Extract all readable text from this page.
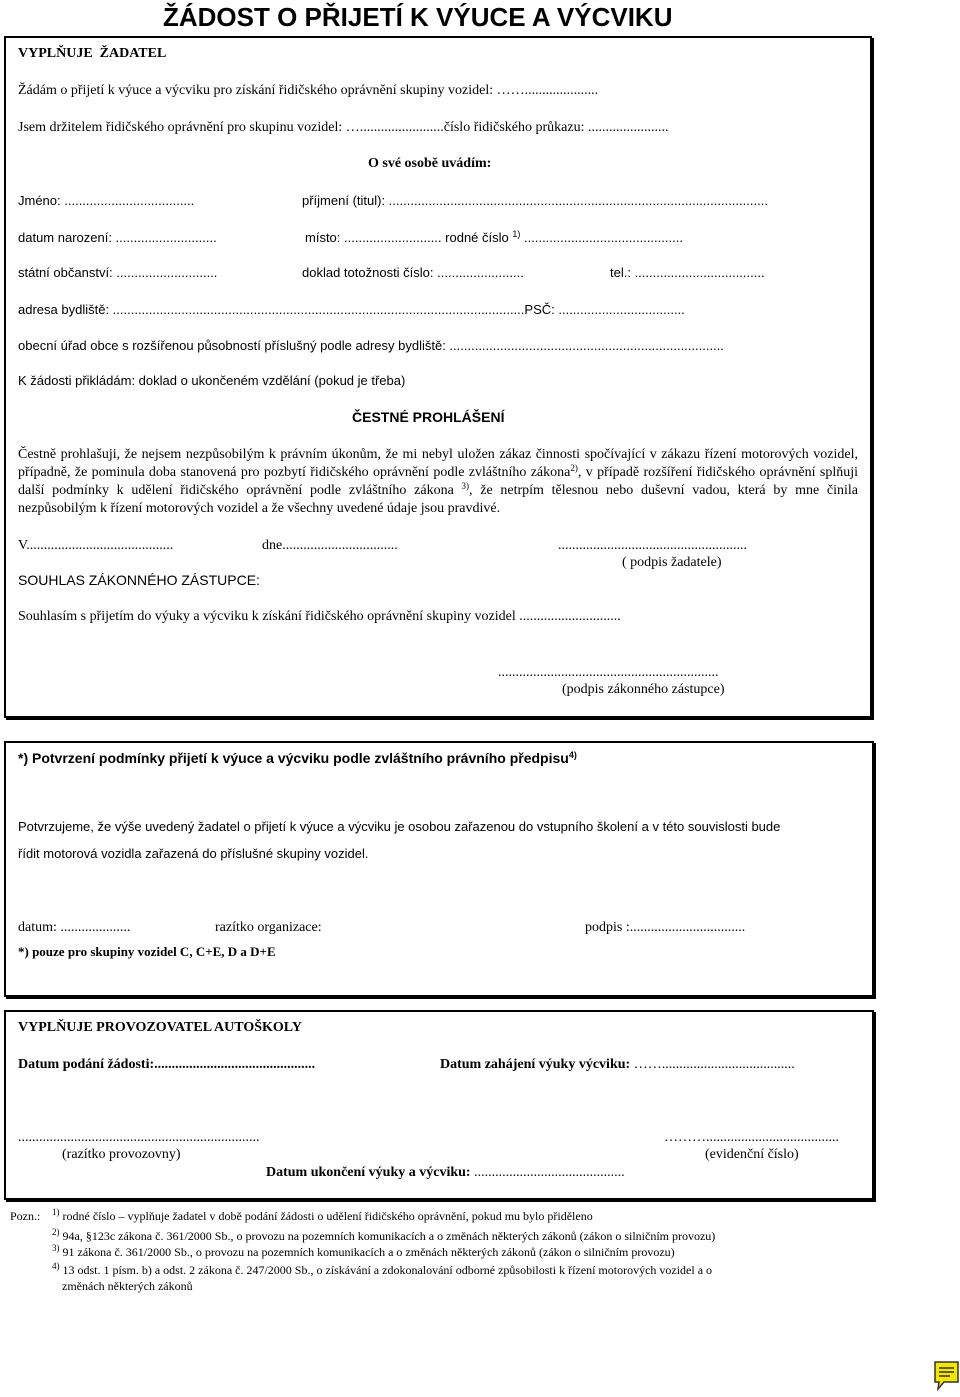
ŽÁDOST O PŘIJETÍ K VÝUCE A VÝCVIKU
VYPLŇUJE  ŽADATEL
Žádám o přijetí k výuce a výcviku pro získání řidičského oprávnění skupiny vozidel: …….....................
Jsem držitelem řidičského oprávnění pro skupinu vozidel: …........................číslo řidičského průkazu: .......................
O své osobě uvádím:
Jméno: ....................................	příjmení (titul): .........................................................................................................
datum narození: ............................	místo: ........................... rodné číslo $^{1)}$ ............................................
státní občanství: ............................	doklad totožnosti číslo: ........................	tel.: ....................................
adresa bydliště: ..................................................................................................................PSČ: ...................................
obecní úřad obce s rozšířenou působností příslušný podle adresy bydliště: ............................................................................
K žádosti přikládám: doklad o ukončeném vzdělání (pokud je třeba)
ČESTNÉ PROHLÁŠENÍ
Čestně prohlašuji, že nejsem nezpůsobilým k právním úkonům, že mi nebyl uložen zákaz činnosti spočívající v zákazu řízení motorových vozidel, případně, že pominula doba stanovená pro pozbytí řidičského oprávnění podle zvláštního zákona$^{2)}$, v případě rozšíření řidičského oprávnění splňuji další podmínky k udělení řidičského oprávnění podle zvláštního zákona $^{3)}$, že netrpím tělesnou nebo duševní vadou, která by mne činila nezpůsobilým k řízení motorových vozidel a že všechny uvedené údaje jsou pravdivé.
V..........................................	dne.................................	......................................................
( podpis žadatele)
SOUHLAS ZÁKONNÉHO ZÁSTUPCE:
Souhlasím s přijetím do výuky a výcviku k získání řidičského oprávnění skupiny vozidel .............................
...............................................................
(podpis zákonného zástupce)
*) Potvrzení podmínky přijetí k výuce a výcviku podle zvláštního právního předpisu$^{4)}$
Potvrzujeme, že výše uvedený žadatel o přijetí k výuce a výcviku je osobou zařazenou do vstupního školení a v této souvislosti bude
řídit motorová vozidla zařazená do příslušné skupiny vozidel.
datum: ....................	razítko organizace:	podpis :.................................
*) pouze pro skupiny vozidel C, C+E, D a D+E
VYPLŇUJE PROVOZOVATEL AUTOŠKOLY
Datum podání žádosti:..............................................	Datum zahájení výuky výcviku: ……......................................
.....................................................................	………......................................
(razítko provozovny)	(evidenční číslo)
Datum ukončení výuky a výcviku: ...........................................
Pozn.: $^{1)}$ rodné číslo – vyplňuje žadatel v době podání žádosti o udělení řidičského oprávnění, pokud mu bylo přiděleno
$^{2)}$ 94a, §123c zákona č. 361/2000 Sb., o provozu na pozemních komunikacích a o změnách některých zákonů (zákon o silničním provozu)
$^{3)}$ 91 zákona č. 361/2000 Sb., o provozu na pozemních komunikacích a o změnách některých zákonů (zákon o silničním provozu)
$^{4)}$ 13 odst. 1 písm. b) a odst. 2 zákona č. 247/2000 Sb., o získávání a zdokonalování odborné způsobilosti k řízení motorových vozidel a o
změnách některých zákonů
